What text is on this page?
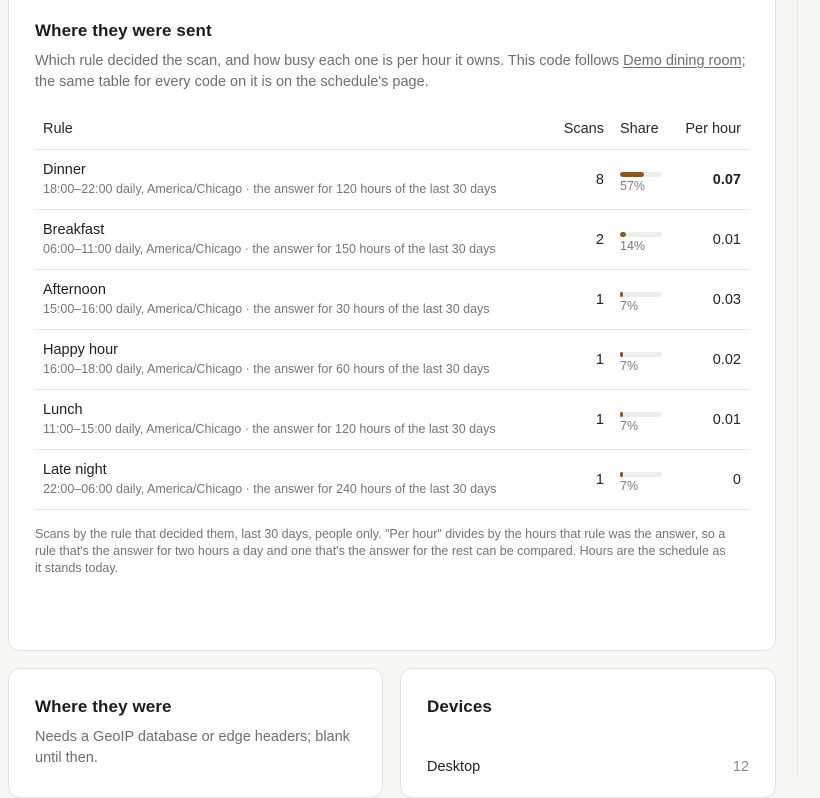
Where they were sent

Which rule decided the scan, and how busy each one is per hour it owns. This code follows Demo dining room; the same table for every code on it is on the schedule's page.

Rule	Scans	Share	Per hour

Dinner
18:00–22:00 daily, America/Chicago · the answer for 120 hours of the last 30 days	8	57%	0.07

Breakfast
06:00–11:00 daily, America/Chicago · the answer for 150 hours of the last 30 days	2	14%	0.01

Afternoon
15:00–16:00 daily, America/Chicago · the answer for 30 hours of the last 30 days	1	7%	0.03

Happy hour
16:00–18:00 daily, America/Chicago · the answer for 60 hours of the last 30 days	1	7%	0.02

Lunch
11:00–15:00 daily, America/Chicago · the answer for 120 hours of the last 30 days	1	7%	0.01

Late night
22:00–06:00 daily, America/Chicago · the answer for 240 hours of the last 30 days	1	7%	0
Scans by the rule that decided them, last 30 days, people only. "Per hour" divides by the hours that rule was the answer, so a rule that's the answer for two hours a day and one that's the answer for the rest can be compared. Hours are the schedule as it stands today.
Where they were

Needs a GeoIP database or edge headers; blank until then.

Devices
Desktop	12
